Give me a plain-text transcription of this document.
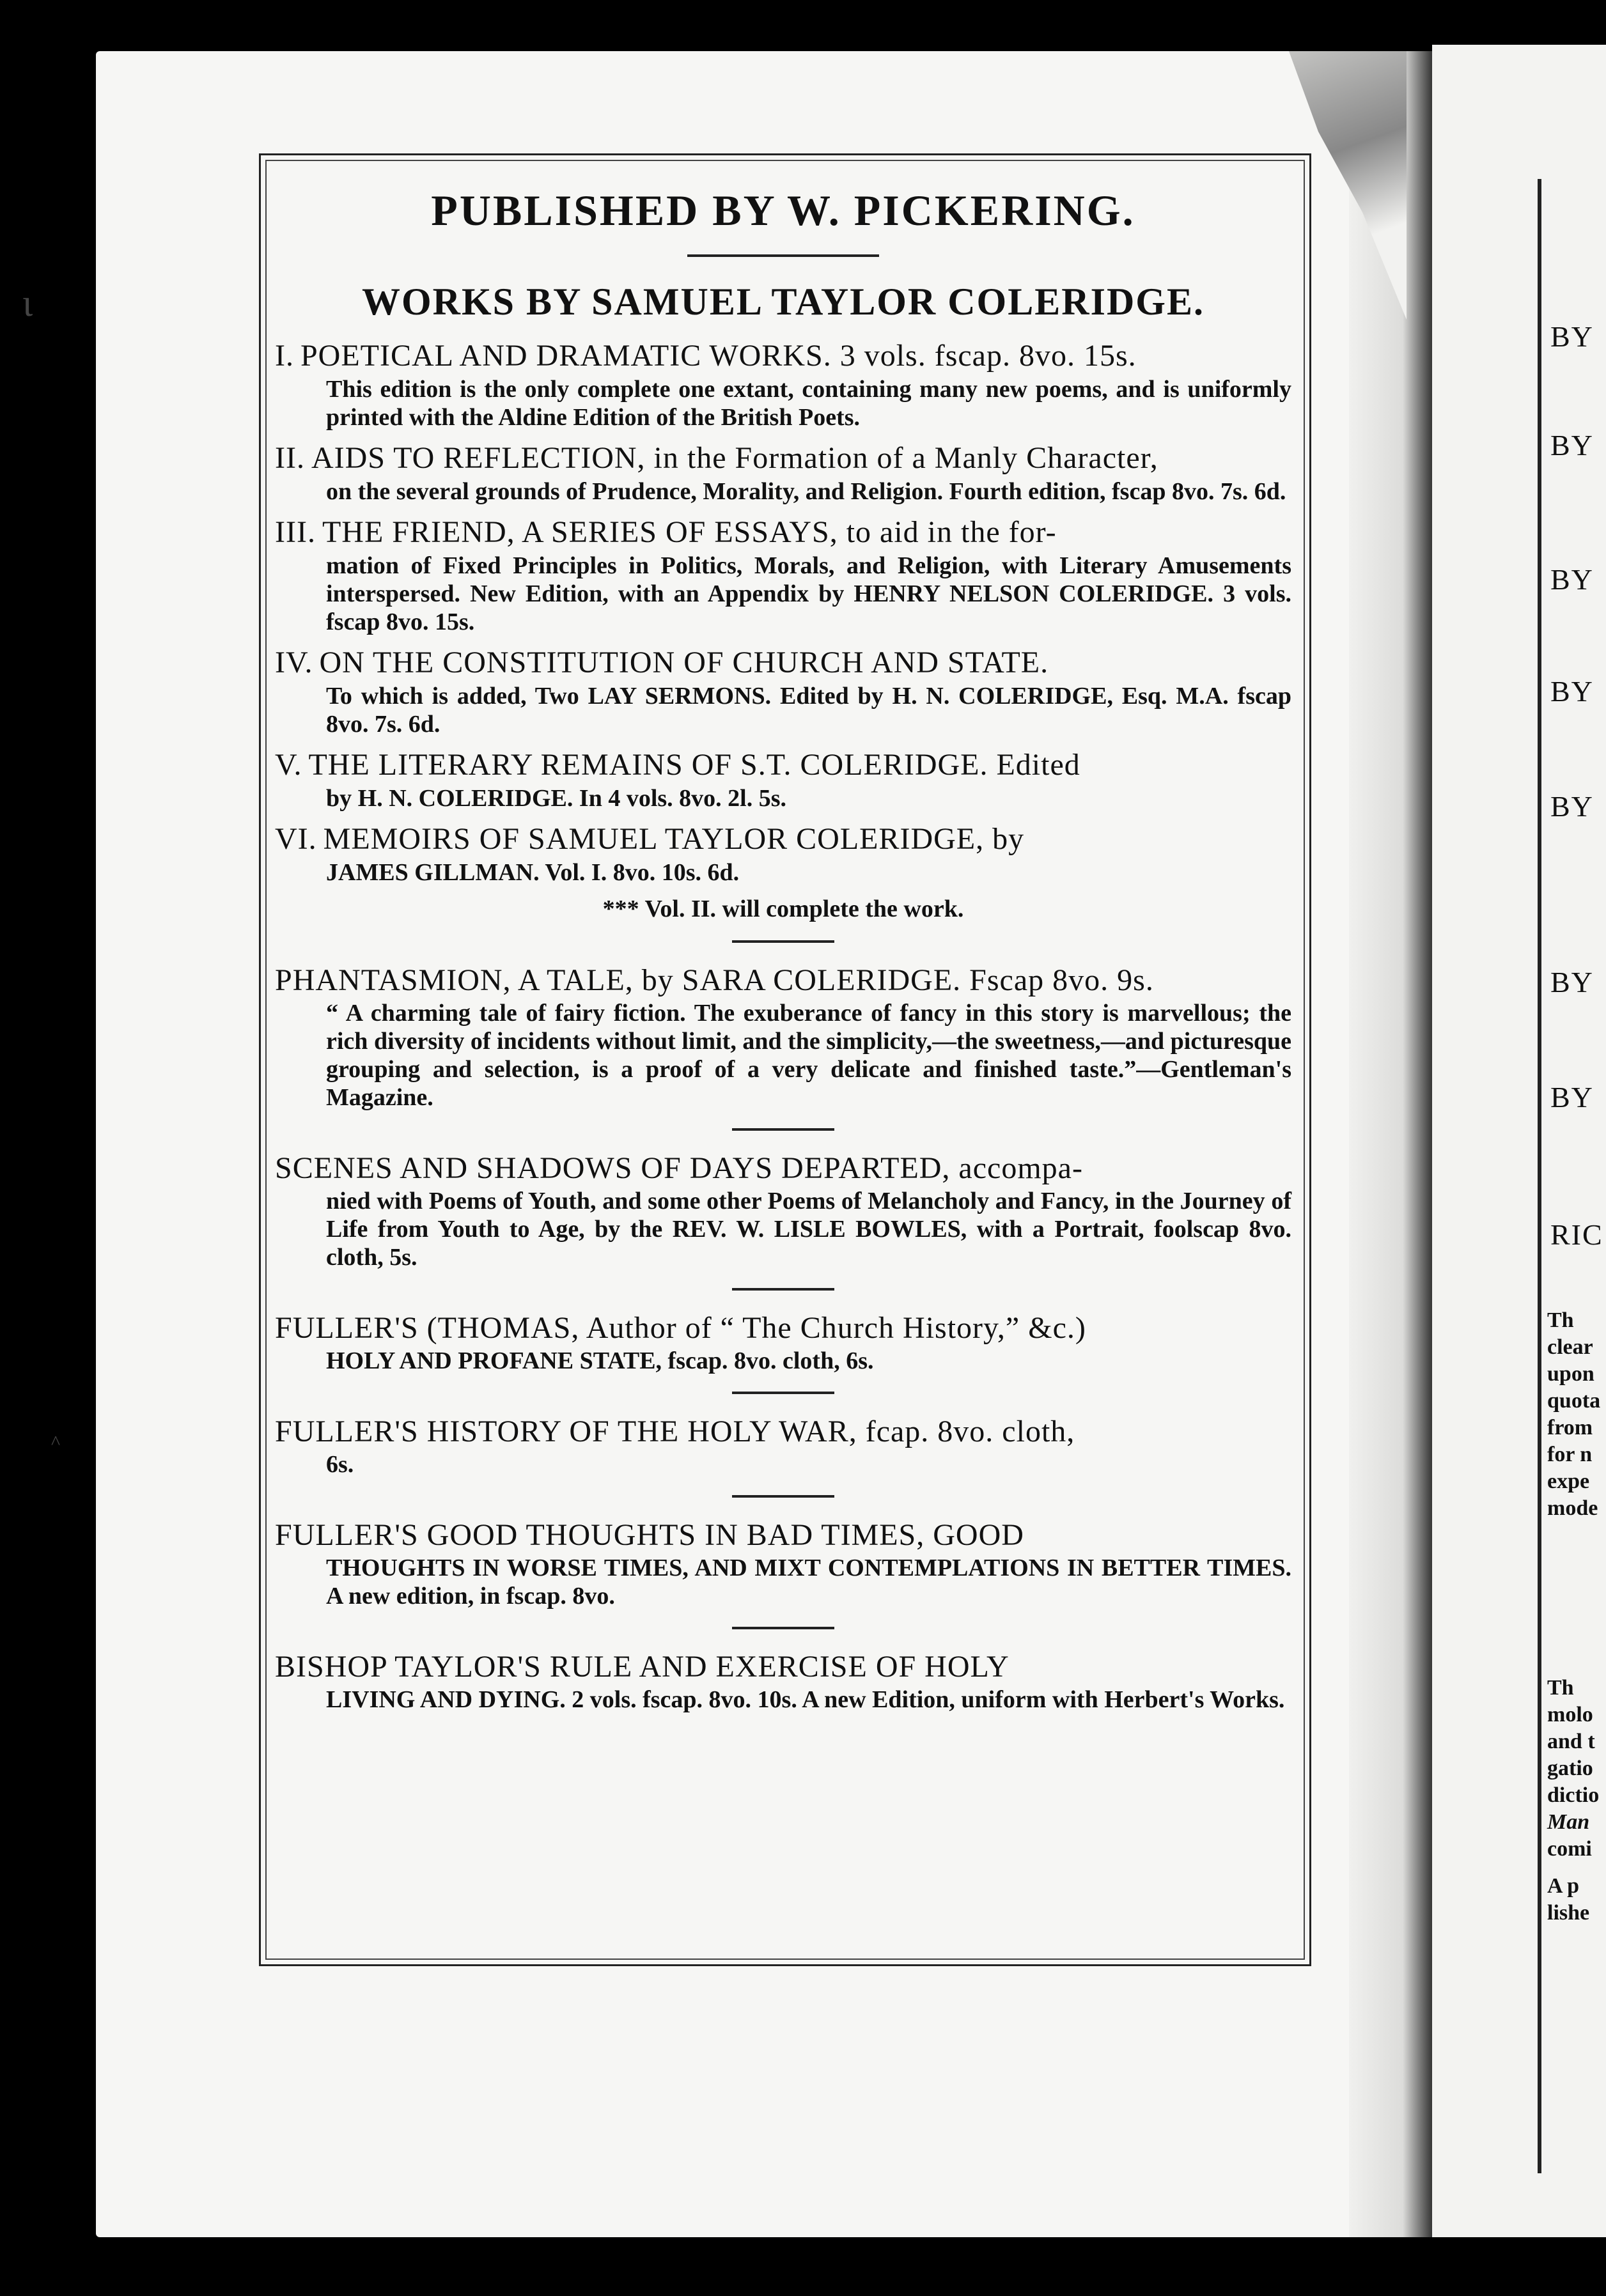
PUBLISHED BY W. PICKERING.
WORKS BY SAMUEL TAYLOR COLERIDGE.
I. POETICAL AND DRAMATIC WORKS. 3 vols. fscap. 8vo. 15s.
This edition is the only complete one extant, containing many new poems, and is uniformly printed with the Aldine Edition of the British Poets.
II. AIDS TO REFLECTION, in the Formation of a Manly Character,
on the several grounds of Prudence, Morality, and Religion. Fourth edition, fscap 8vo. 7s. 6d.
III. THE FRIEND, A SERIES OF ESSAYS, to aid in the for-
mation of Fixed Principles in Politics, Morals, and Religion, with Literary Amusements interspersed. New Edition, with an Appendix by HENRY NELSON COLERIDGE. 3 vols. fscap 8vo. 15s.
IV. ON THE CONSTITUTION OF CHURCH AND STATE.
To which is added, Two LAY SERMONS. Edited by H. N. COLERIDGE, Esq. M.A. fscap 8vo. 7s. 6d.
V. THE LITERARY REMAINS OF S.T. COLERIDGE. Edited
by H. N. COLERIDGE. In 4 vols. 8vo. 2l. 5s.
VI. MEMOIRS OF SAMUEL TAYLOR COLERIDGE, by
JAMES GILLMAN. Vol. I. 8vo. 10s. 6d.
*** Vol. II. will complete the work.
PHANTASMION, A TALE, by SARA COLERIDGE. Fscap 8vo. 9s.
“ A charming tale of fairy fiction. The exuberance of fancy in this story is marvellous; the rich diversity of incidents without limit, and the simplicity,—the sweetness,—and picturesque grouping and selection, is a proof of a very delicate and finished taste.”—Gentleman's Magazine.
SCENES AND SHADOWS OF DAYS DEPARTED, accompa-
nied with Poems of Youth, and some other Poems of Melancholy and Fancy, in the Journey of Life from Youth to Age, by the REV. W. LISLE BOWLES, with a Portrait, foolscap 8vo. cloth, 5s.
FULLER'S (THOMAS, Author of “ The Church History,” &c.)
HOLY AND PROFANE STATE, fscap. 8vo. cloth, 6s.
FULLER'S HISTORY OF THE HOLY WAR, fcap. 8vo. cloth,
6s.
FULLER'S GOOD THOUGHTS IN BAD TIMES, GOOD
THOUGHTS IN WORSE TIMES, AND MIXT CONTEMPLATIONS IN BETTER TIMES. A new edition, in fscap. 8vo.
BISHOP TAYLOR'S RULE AND EXERCISE OF HOLY
LIVING AND DYING. 2 vols. fscap. 8vo. 10s. A new Edition, uniform with Herbert's Works.
BY
BY
BY
BY
BY
BY
BY
RIC
Th
clear
upon
quota
from
for n
expe
mode
Th
molo
and t
gatio
dictio
Man
comi
A p
lishe
ι
^
